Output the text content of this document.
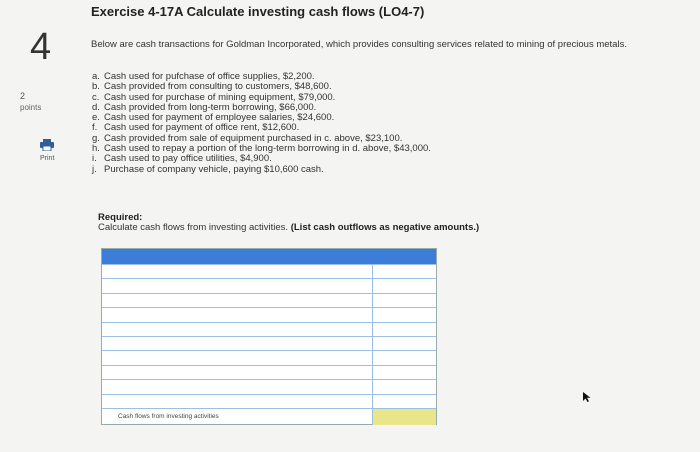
4
2
points
Print
Exercise 4-17A Calculate investing cash flows (LO4-7)
Below are cash transactions for Goldman Incorporated, which provides consulting services related to mining of precious metals.
a. Cash used for pufchase of office supplies, $2,200.
b. Cash provided from consulting to customers, $48,600.
c. Cash used for purchase of mining equipment, $79,000.
d. Cash provided from long-term borrowing, $66,000.
e. Cash used for payment of employee salaries, $24,600.
f. Cash used for payment of office rent, $12,600.
g. Cash provided from sale of equipment purchased in c. above, $23,100.
h. Cash used to repay a portion of the long-term borrowing in d. above, $43,000.
i. Cash used to pay office utilities, $4,900.
j. Purchase of company vehicle, paying $10,600 cash.
Required:
Calculate cash flows from investing activities. (List cash outflows as negative amounts.)
Cash flows from investing activities
